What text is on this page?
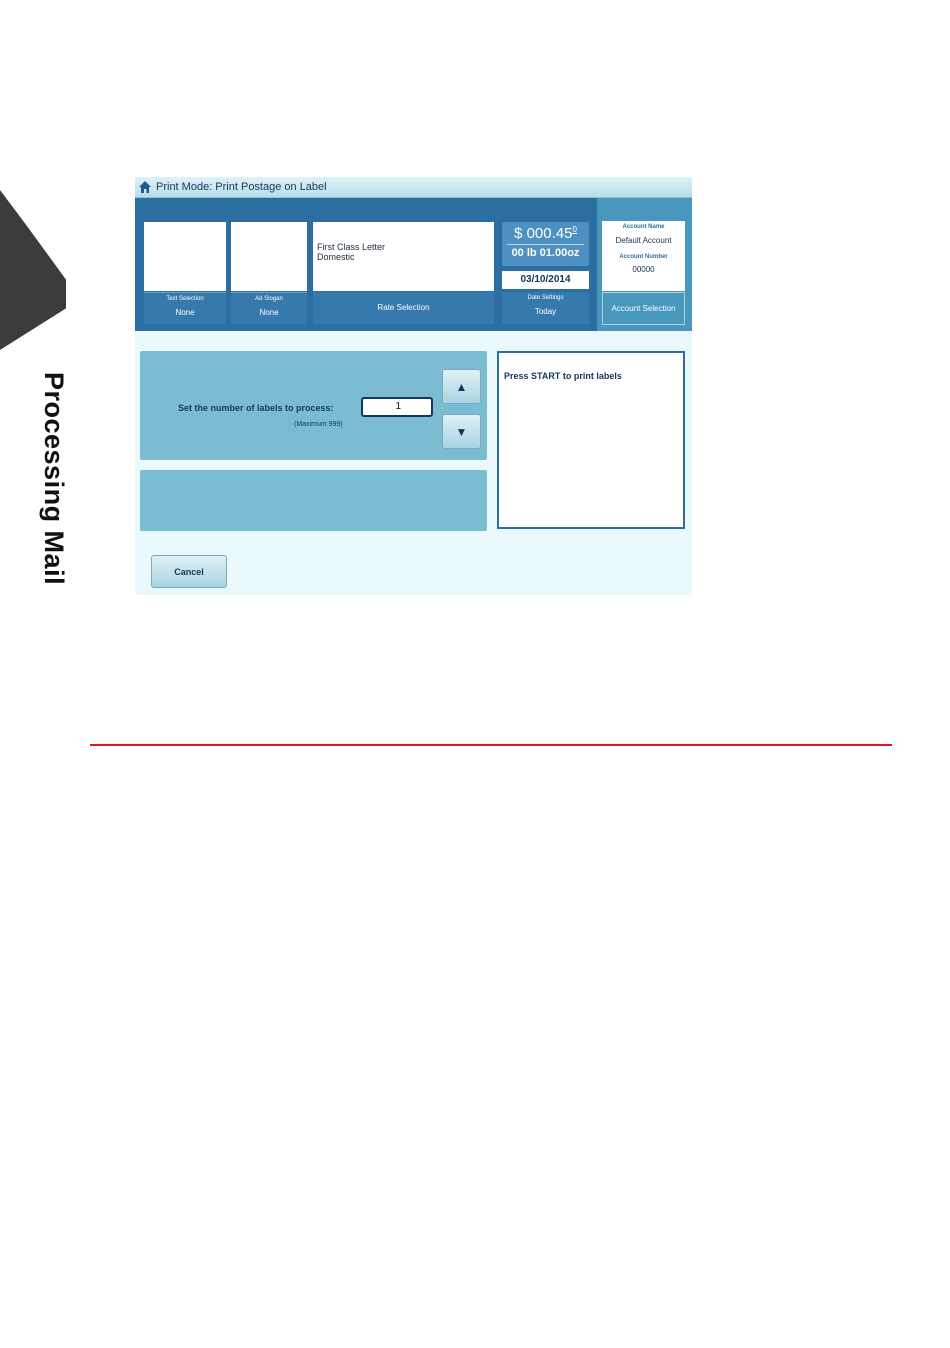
Processing Mail
Print Mode: Print Postage on Label
Text Selection
None
Ad Slogan
None
First Class Letter
Domestic
Rate Selection
$ 000.45$^0$
00 lb 01.00oz
03/10/2014
Date Settings
Today
Account Name
Default Account
Account Number
00000
Account Selection
Set the number of labels to process:
(Maximum 999)
1
▲
▼
Press START to print labels
Cancel
